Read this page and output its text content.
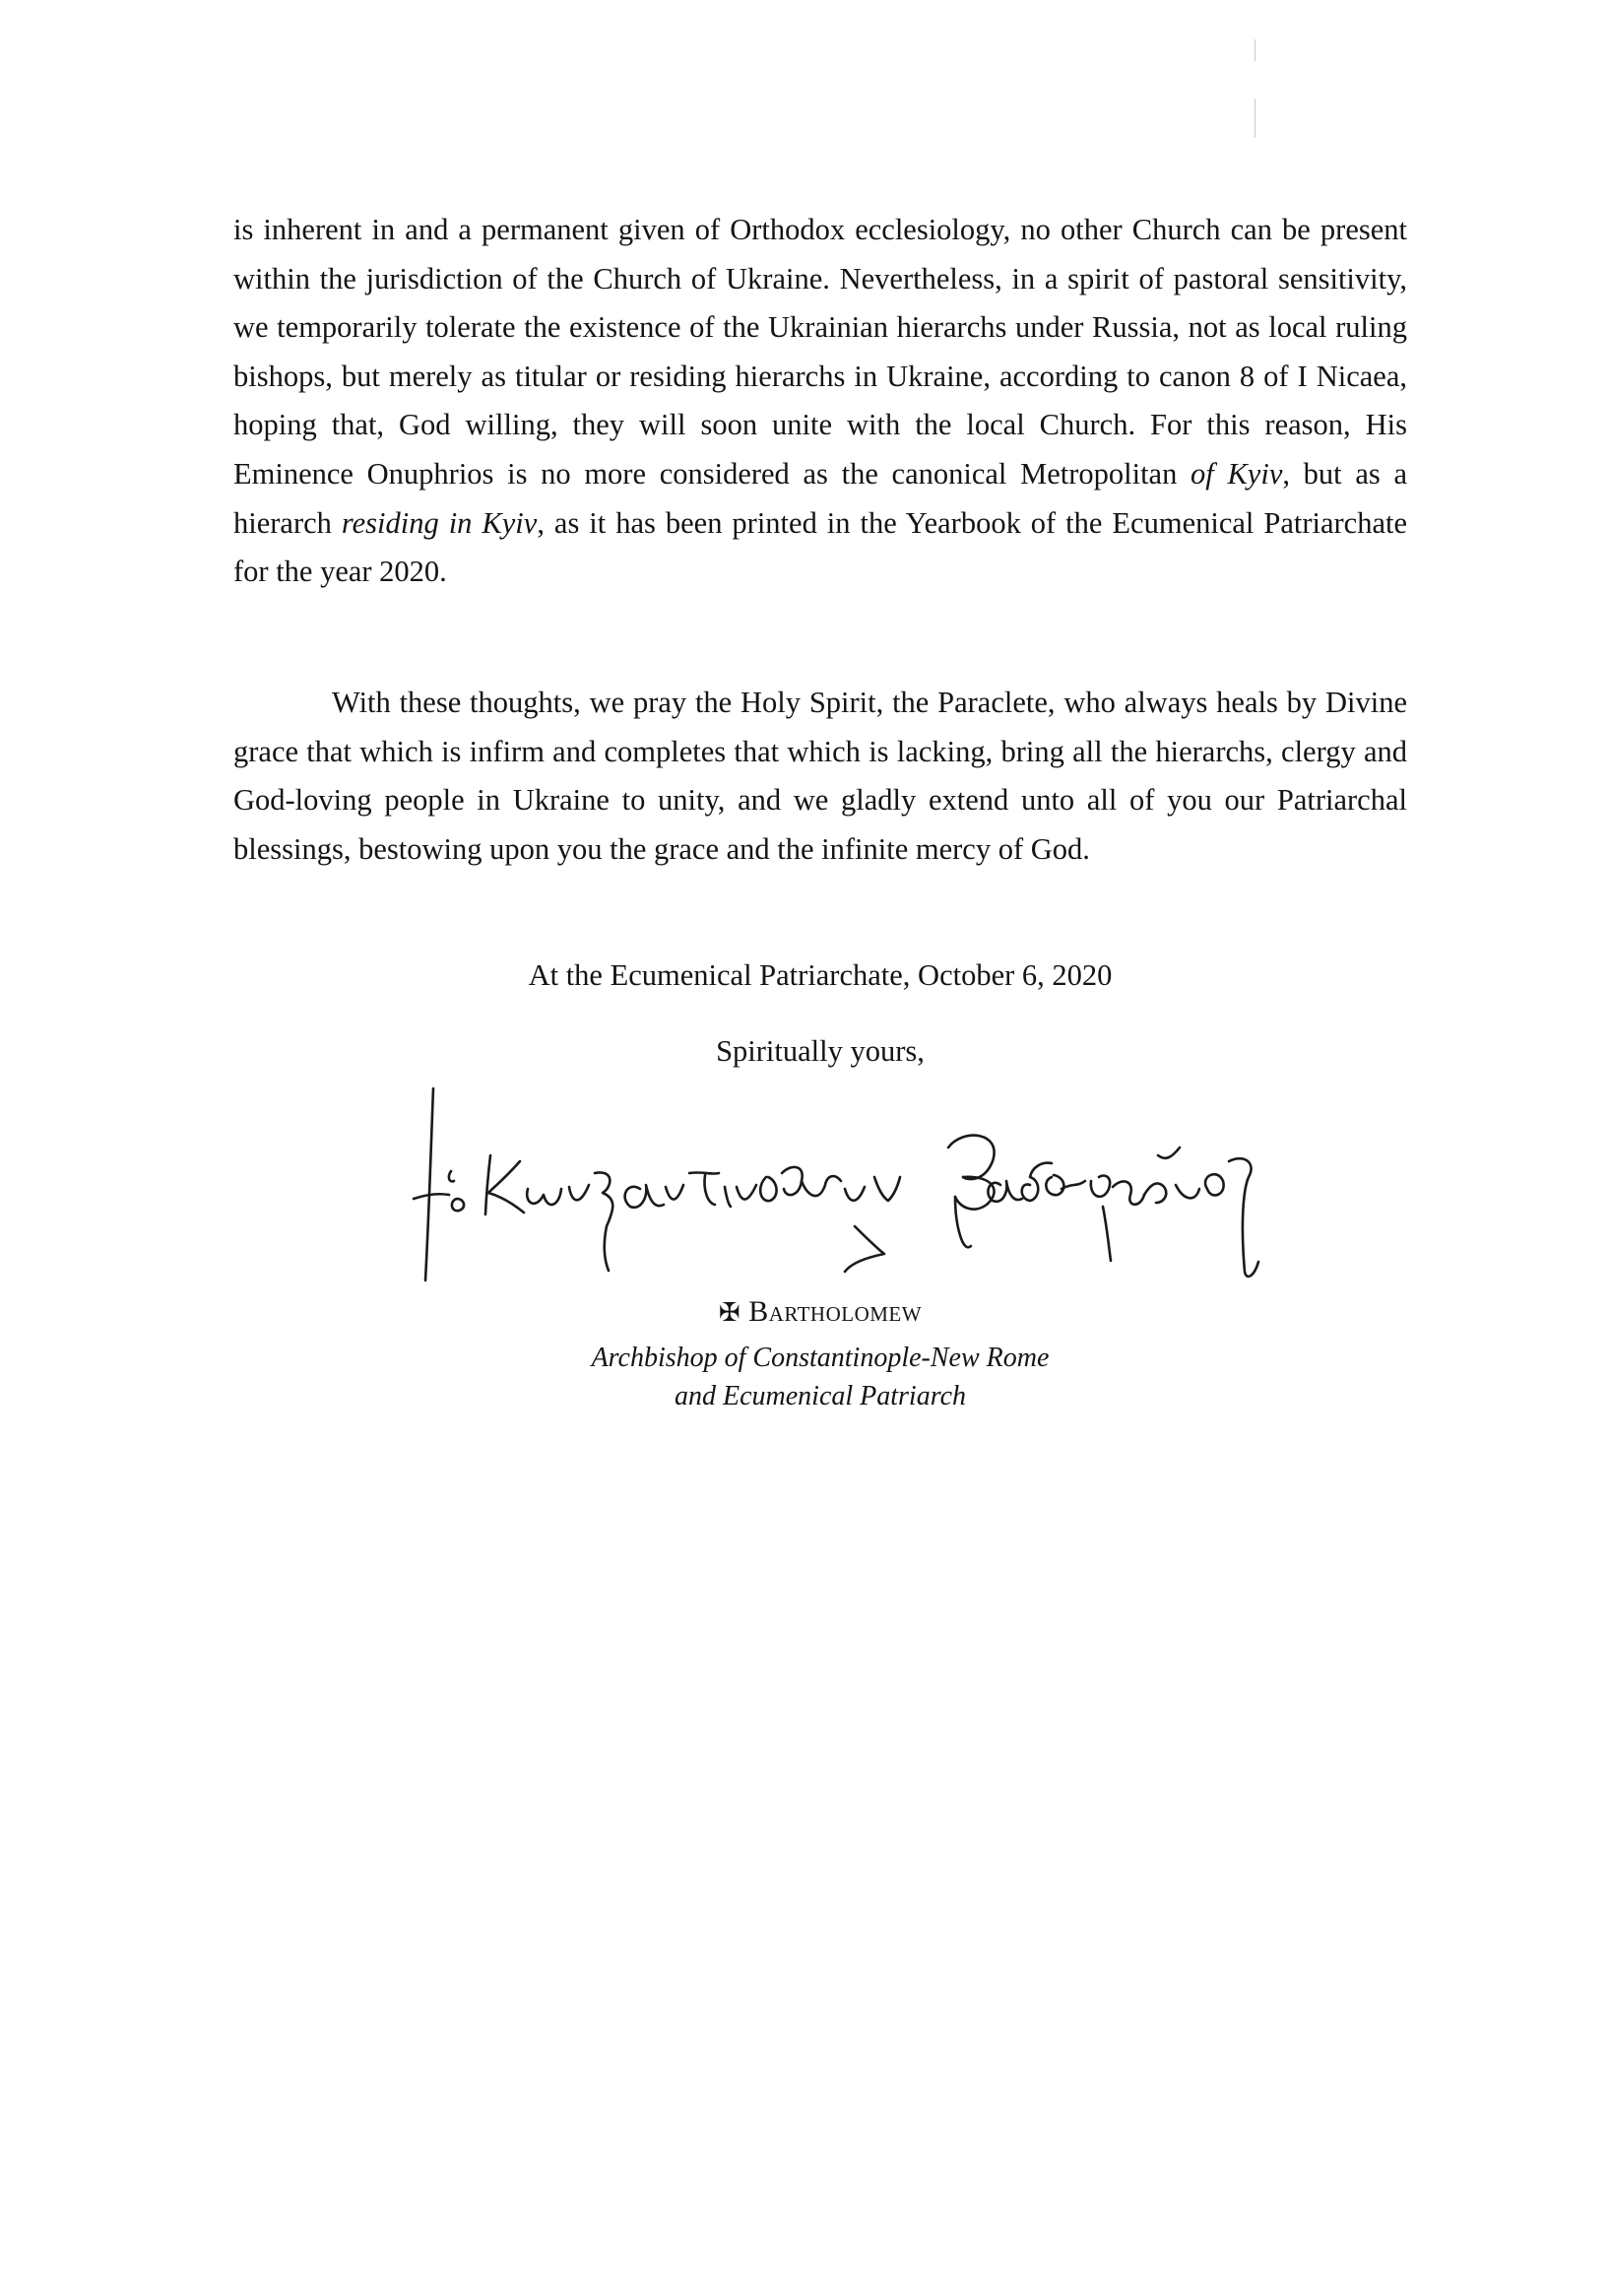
is inherent in and a permanent given of Orthodox ecclesiology, no other Church can be present within the jurisdiction of the Church of Ukraine. Nevertheless, in a spirit of pastoral sensitivity, we temporarily tolerate the existence of the Ukrainian hierarchs under Russia, not as local ruling bishops, but merely as titular or residing hierarchs in Ukraine, according to canon 8 of I Nicaea, hoping that, God willing, they will soon unite with the local Church. For this reason, His Eminence Onuphrios is no more considered as the canonical Metropolitan of Kyiv, but as a hierarch residing in Kyiv, as it has been printed in the Yearbook of the Ecumenical Patriarchate for the year 2020.

With these thoughts, we pray the Holy Spirit, the Paraclete, who always heals by Divine grace that which is infirm and completes that which is lacking, bring all the hierarchs, clergy and God-loving people in Ukraine to unity, and we gladly extend unto all of you our Patriarchal blessings, bestowing upon you the grace and the infinite mercy of God.

At the Ecumenical Patriarchate, October 6, 2020

Spiritually yours,

✠ Bartholomew

Archbishop of Constantinople-New Rome

and Ecumenical Patriarch
